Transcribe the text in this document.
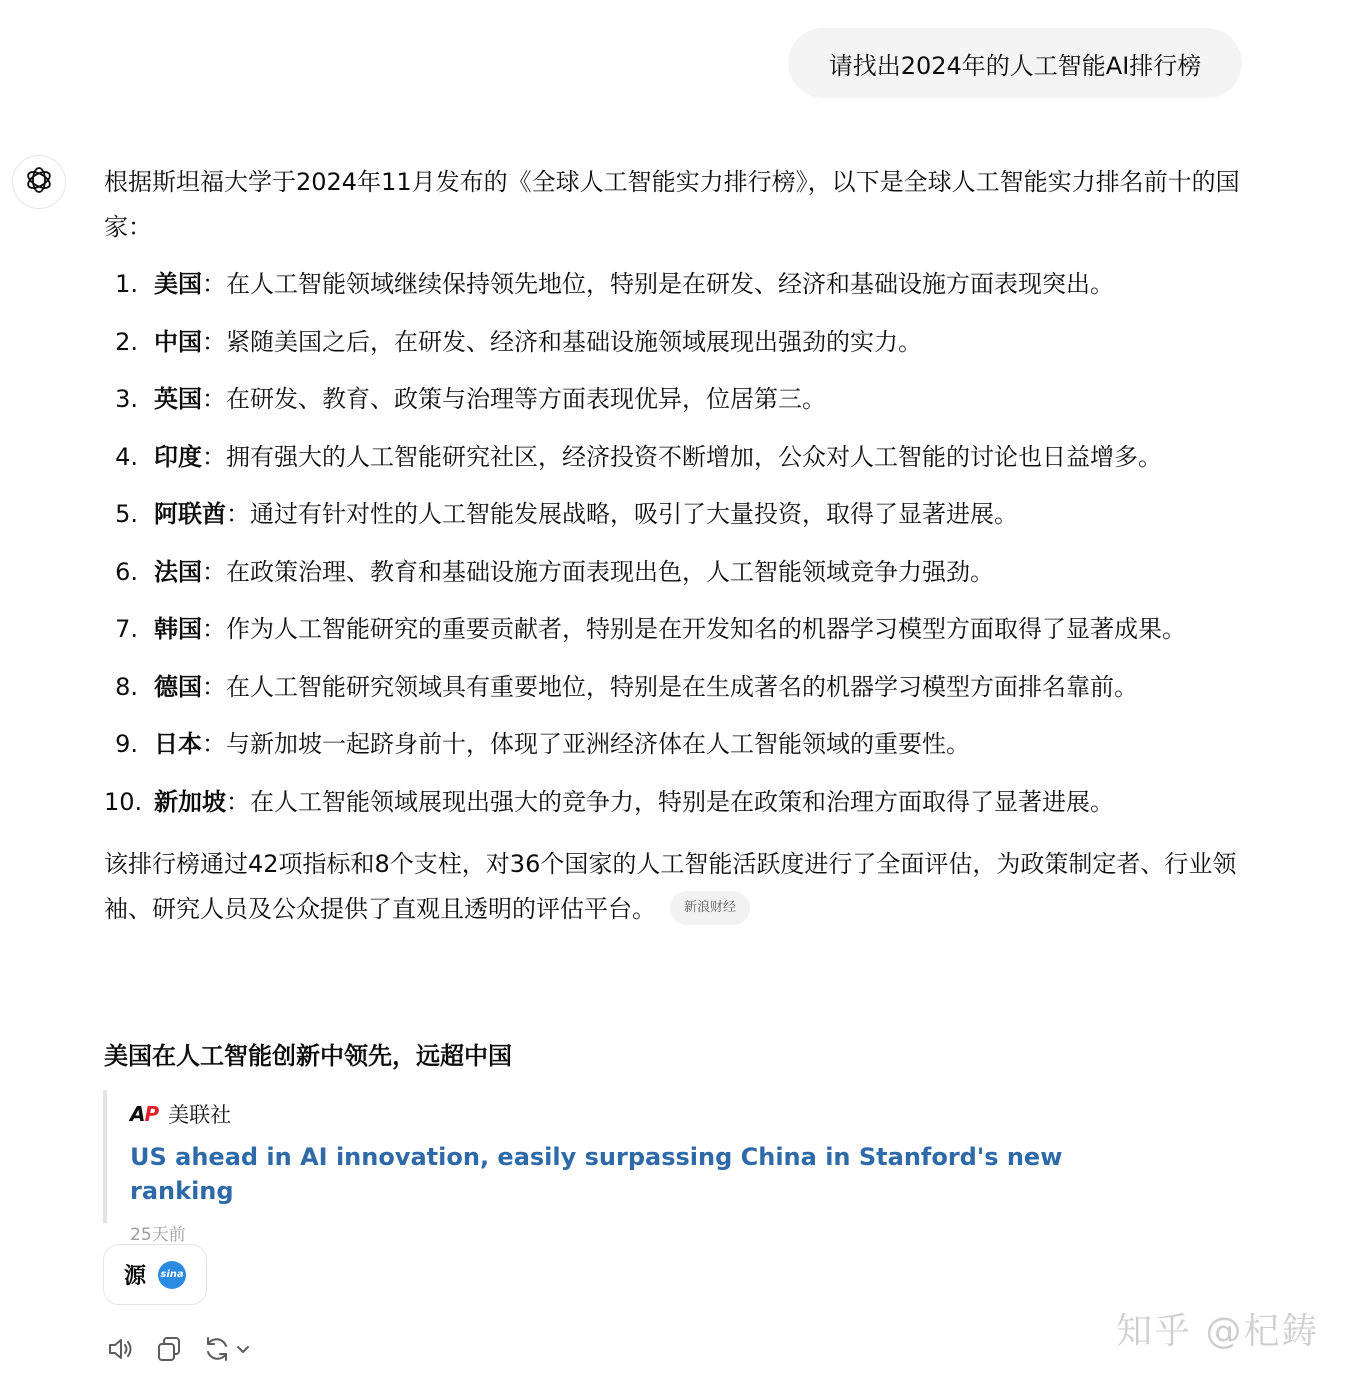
请找出2024年的人工智能AI排行榜

根据斯坦福大学于2024年11月发布的《全球人工智能实力排行榜》，以下是全球人工智能实力排名前十的国家：

1. 美国：在人工智能领域继续保持领先地位，特别是在研发、经济和基础设施方面表现突出。
2. 中国：紧随美国之后，在研发、经济和基础设施领域展现出强劲的实力。
3. 英国：在研发、教育、政策与治理等方面表现优异，位居第三。
4. 印度：拥有强大的人工智能研究社区，经济投资不断增加，公众对人工智能的讨论也日益增多。
5. 阿联酋：通过有针对性的人工智能发展战略，吸引了大量投资，取得了显著进展。
6. 法国：在政策治理、教育和基础设施方面表现出色，人工智能领域竞争力强劲。
7. 韩国：作为人工智能研究的重要贡献者，特别是在开发知名的机器学习模型方面取得了显著成果。
8. 德国：在人工智能研究领域具有重要地位，特别是在生成著名的机器学习模型方面排名靠前。
9. 日本：与新加坡一起跻身前十，体现了亚洲经济体在人工智能领域的重要性。
10. 新加坡：在人工智能领域展现出强大的竞争力，特别是在政策和治理方面取得了显著进展。

该排行榜通过42项指标和8个支柱，对36个国家的人工智能活跃度进行了全面评估，为政策制定者、行业领袖、研究人员及公众提供了直观且透明的评估平台。 新浪财经

美国在人工智能创新中领先，远超中国
AP 美联社
US ahead in AI innovation, easily surpassing China in Stanford's new ranking
25天前
源 sina
知乎 @杞鋳
